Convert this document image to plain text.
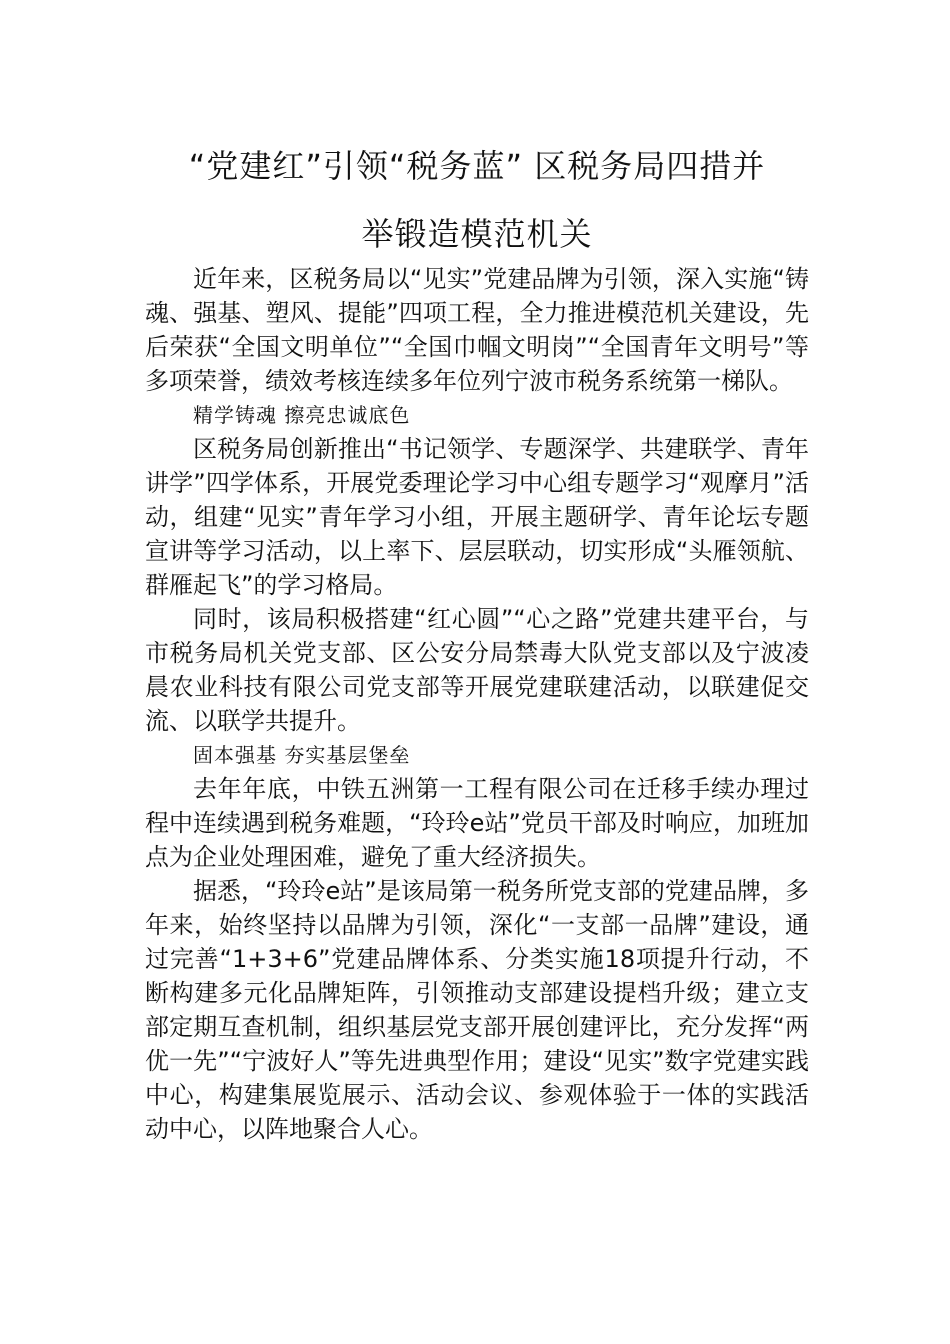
“党建红”引领“税务蓝” 区税务局四措并
举锻造模范机关

近年来，区税务局以“见实”党建品牌为引领，深入实施“铸魂、强基、塑风、提能”四项工程，全力推进模范机关建设，先后荣获“全国文明单位”“全国巾帼文明岗”“全国青年文明号”等多项荣誉，绩效考核连续多年位列宁波市税务系统第一梯队。

精学铸魂 擦亮忠诚底色

区税务局创新推出“书记领学、专题深学、共建联学、青年讲学”四学体系，开展党委理论学习中心组专题学习“观摩月”活动，组建“见实”青年学习小组，开展主题研学、青年论坛专题宣讲等学习活动，以上率下、层层联动，切实形成“头雁领航、群雁起飞”的学习格局。

同时，该局积极搭建“红心圆”“心之路”党建共建平台，与市税务局机关党支部、区公安分局禁毒大队党支部以及宁波凌晨农业科技有限公司党支部等开展党建联建活动，以联建促交流、以联学共提升。

固本强基 夯实基层堡垒

去年年底，中铁五洲第一工程有限公司在迁移手续办理过程中连续遇到税务难题，“玲玲e站”党员干部及时响应，加班加点为企业处理困难，避免了重大经济损失。

据悉，“玲玲e站”是该局第一税务所党支部的党建品牌，多年来，始终坚持以品牌为引领，深化“一支部一品牌”建设，通过完善“1+3+6”党建品牌体系、分类实施18项提升行动，不断构建多元化品牌矩阵，引领推动支部建设提档升级；建立支部定期互查机制，组织基层党支部开展创建评比，充分发挥“两优一先”“宁波好人”等先进典型作用；建设“见实”数字党建实践中心，构建集展览展示、活动会议、参观体验于一体的实践活动中心，以阵地聚合人心。
